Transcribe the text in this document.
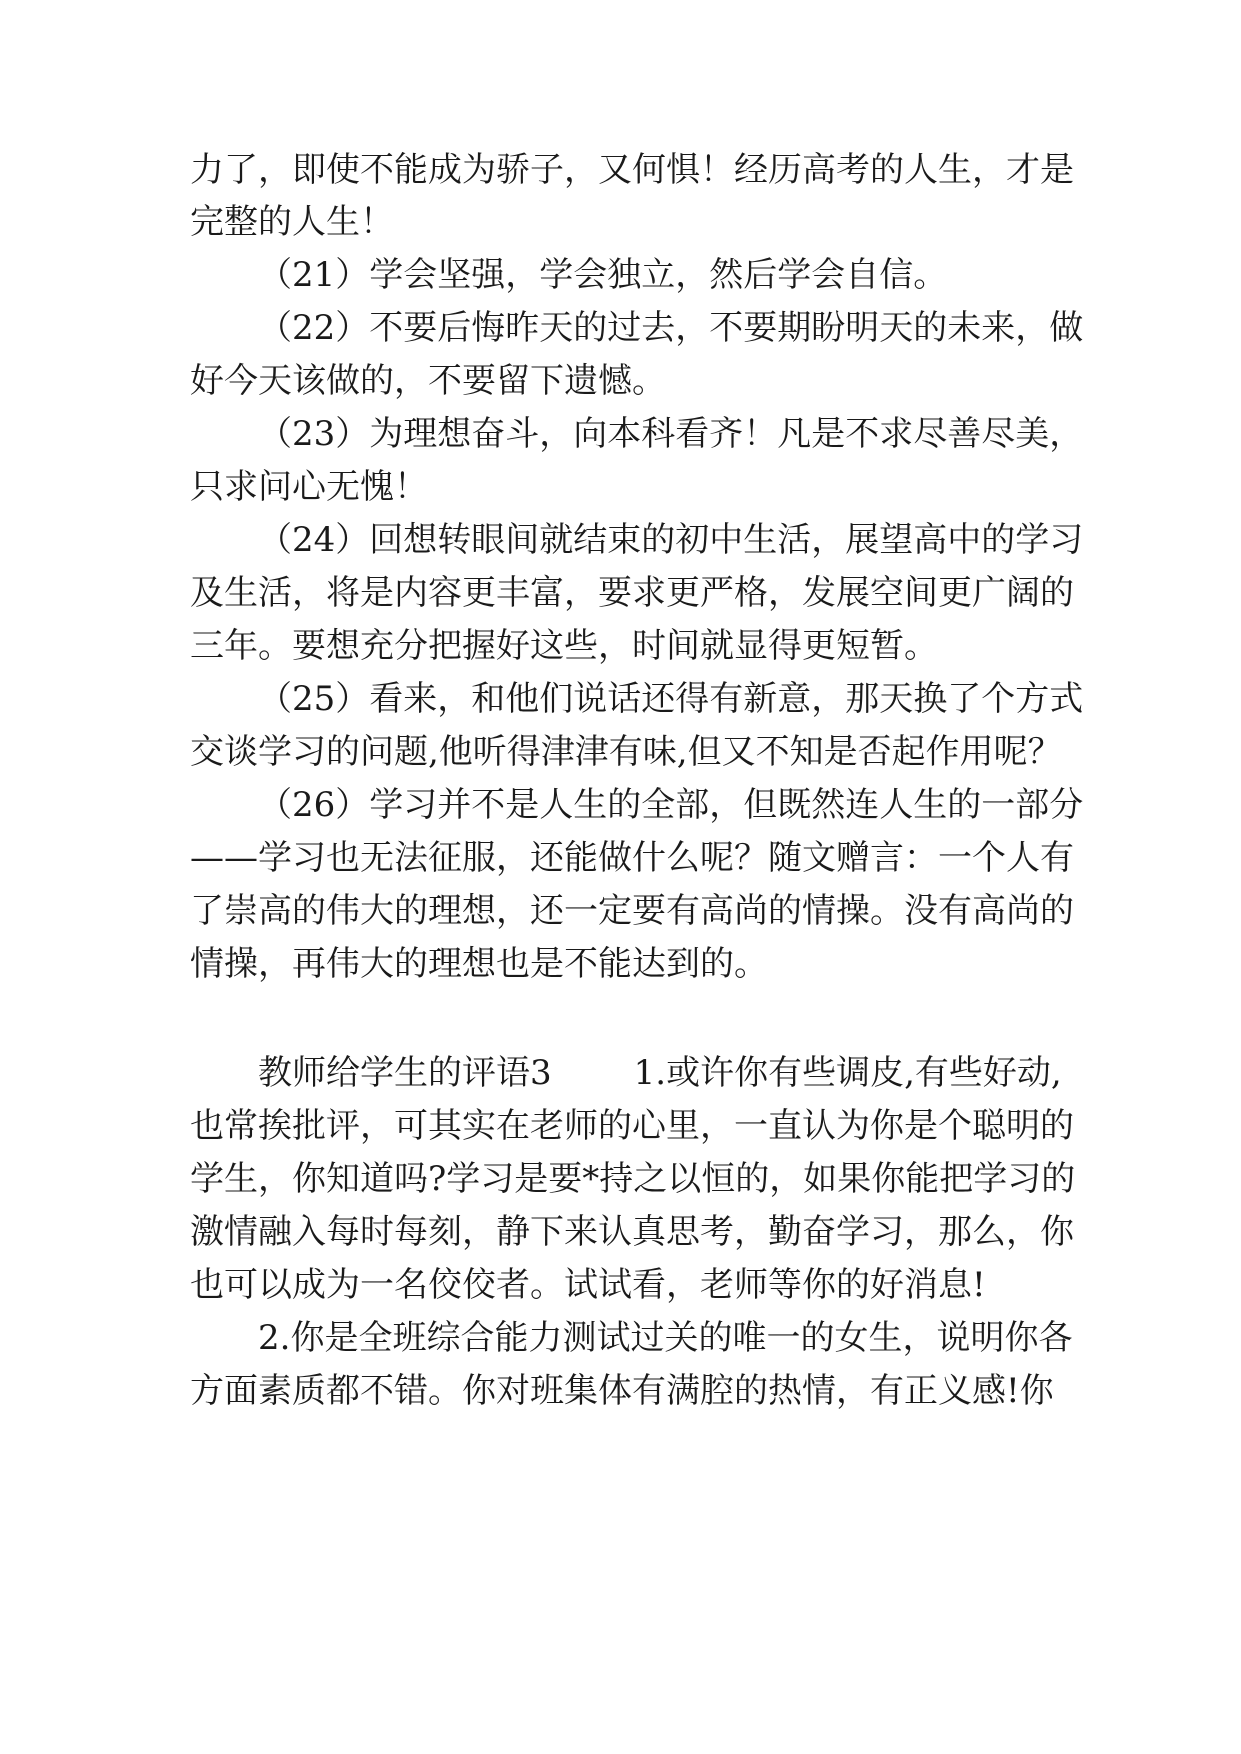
力了，即使不能成为骄子，又何惧！经历高考的人生，才是
完整的人生！
（21）学会坚强，学会独立，然后学会自信。
（22）不要后悔昨天的过去，不要期盼明天的未来，做
好今天该做的，不要留下遗憾。
（23）为理想奋斗，向本科看齐！凡是不求尽善尽美，
只求问心无愧！
（24）回想转眼间就结束的初中生活，展望高中的学习
及生活，将是内容更丰富，要求更严格，发展空间更广阔的
三年。要想充分把握好这些，时间就显得更短暂。
（25）看来，和他们说话还得有新意，那天换了个方式
交谈学习的问题,他听得津津有味,但又不知是否起作用呢？
（26）学习并不是人生的全部，但既然连人生的一部分
——学习也无法征服，还能做什么呢？随文赠言：一个人有
了崇高的伟大的理想，还一定要有高尚的情操。没有高尚的
情操，再伟大的理想也是不能达到的。
教师给学生的评语3 1.或许你有些调皮,有些好动,
也常挨批评，可其实在老师的心里，一直认为你是个聪明的
学生，你知道吗?学习是要*持之以恒的，如果你能把学习的
激情融入每时每刻，静下来认真思考，勤奋学习，那么，你
也可以成为一名佼佼者。试试看，老师等你的好消息!
2.你是全班综合能力测试过关的唯一的女生，说明你各
方面素质都不错。你对班集体有满腔的热情，有正义感!你
